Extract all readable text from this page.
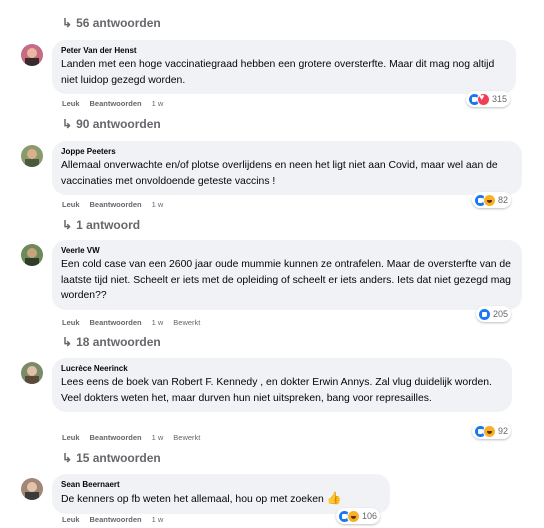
↳ 56 antwoorden
Peter Van der Henst
Landen met een hoge vaccinatiegraad hebben een grotere oversterfte. Maar dit mag nog altijd niet luidop gezegd worden.
Leuk Beantwoorden 1 w ♥	315
↳ 90 antwoorden
Joppe Peeters
Allemaal onverwachte en/of plotse overlijdens en neen het ligt niet aan Covid, maar wel aan de vaccinaties met onvoldoende geteste vaccins !
Leuk Beantwoorden 1 w	82
↳ 1 antwoord
Veerle VW
Een cold case van een 2600 jaar oude mummie kunnen ze ontrafelen. Maar de oversterfte van de laatste tijd niet. Scheelt er iets met de opleiding of scheelt er iets anders. Iets dat niet gezegd mag worden??
Leuk Beantwoorden 1 w Bewerkt
205
↳ 18 antwoorden
Lucrèce Neerinck
Lees eens de boek van Robert F. Kennedy , en dokter Erwin Annys. Zal vlug duidelijk worden. Veel dokters weten het, maar durven hun niet uitspreken, bang voor represailles.
Leuk Beantwoorden 1 w Bewerkt
92
↳ 15 antwoorden
Sean Beernaert
De kenners op fb weten het allemaal, hou op met zoeken 👍
Leuk Beantwoorden 1 w	106
